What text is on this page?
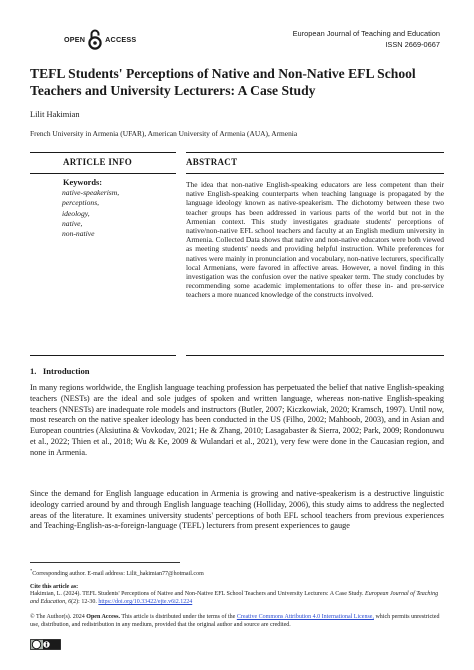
OPEN	ACCESS
European Journal of Teaching and Education
ISSN 2669-0667
TEFL Students' Perceptions of Native and Non-Native EFL School Teachers and University Lecturers: A Case Study
Lilit Hakimian
French University in Armenia (UFAR), American University of Armenia (AUA), Armenia
ARTICLE INFO	ABSTRACT
Keywords:
native-speakerism,
perceptions,
ideology,
native,
non-native
The idea that non-native English-speaking educators are less competent than their native English-speaking counterparts when teaching language is propagated by the language ideology known as native-speakerism. The dichotomy between these two teacher groups has been addressed in various parts of the world but not in the Armenian context. This study investigates graduate students' perceptions of native/non-native EFL school teachers and faculty at an English medium university in Armenia. Collected Data shows that native and non-native educators were both viewed as meeting students' needs and providing helpful instruction. While preferences for natives were mainly in pronunciation and vocabulary, non-native lecturers, specifically local Armenians, were favored in affective areas. However, a novel finding in this investigation was the confusion over the native speaker term. The study concludes by recommending some academic implementations to offer these in- and pre-service teachers a more nuanced knowledge of the constructs involved.
1.   Introduction
In many regions worldwide, the English language teaching profession has perpetuated the belief that native English-speaking teachers (NESTs) are the ideal and sole judges of spoken and written language, whereas non-native English-speaking teachers (NNESTs) are inadequate role models and instructors (Butler, 2007; Kiczkowiak, 2020; Kramsch, 1997). Until now, most research on the native speaker ideology has been conducted in the US (Filho, 2002; Mahboob, 2003), and in Asian and European countries (Aksiutina & Vovkodav, 2021; He & Zhang, 2010; Lasagabaster & Sierra, 2002; Park, 2009; Rondonuwu et al., 2022; Thien et al., 2018; Wu & Ke, 2009 & Wulandari et al., 2021), very few were done in the Caucasian region, and none in Armenia.
Since the demand for English language education in Armenia is growing and native-speakerism is a destructive linguistic ideology carried around by and through English language teaching (Holliday, 2006), this study aims to address the neglected areas of the literature. It examines university students' perceptions of both EFL school teachers from previous experiences and Teaching-English-as-a-foreign-language (TEFL) lecturers from present experiences to gauge
*Corresponding author. E-mail address: Lilit_hakimian77@hotmail.com
Cite this article as:
Hakimian, L. (2024). TEFL Students' Perceptions of Native and Non-Native EFL School Teachers and University Lecturers: A Case Study. European Journal of Teaching and Education, 6(2): 12-30. https://doi.org/10.33422/ejte.v6i2.1224
© The Author(s). 2024 Open Access. This article is distributed under the terms of the Creative Commons Attribution 4.0 International License, which permits unrestricted use, distribution, and redistribution in any medium, provided that the original author and source are credited.
